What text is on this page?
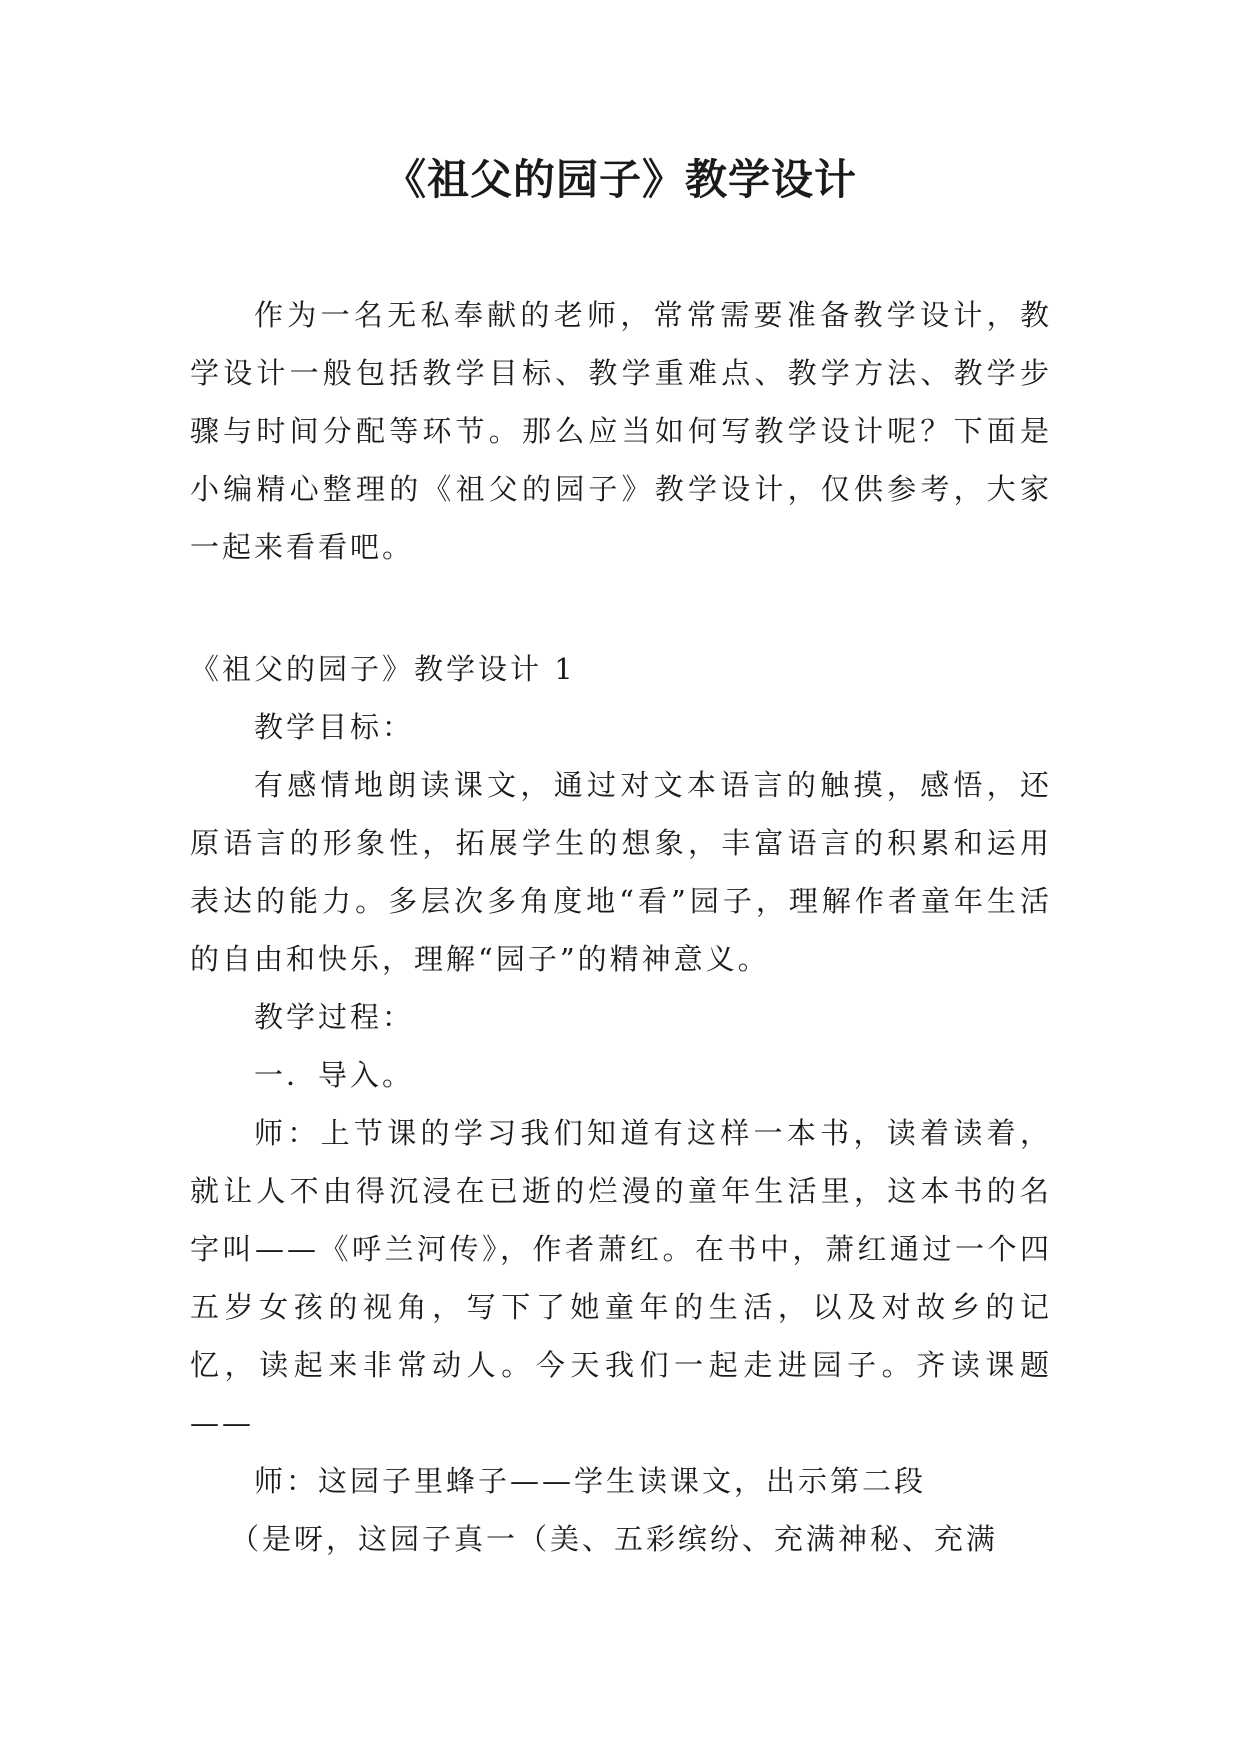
《祖父的园子》教学设计

作为一名无私奉献的老师，常常需要准备教学设计，教学设计一般包括教学目标、教学重难点、教学方法、教学步骤与时间分配等环节。那么应当如何写教学设计呢？下面是小编精心整理的《祖父的园子》教学设计，仅供参考，大家一起来看看吧。

《祖父的园子》教学设计 1

教学目标：

有感情地朗读课文，通过对文本语言的触摸，感悟，还原语言的形象性，拓展学生的想象，丰富语言的积累和运用表达的能力。多层次多角度地“看”园子，理解作者童年生活的自由和快乐，理解“园子”的精神意义。

教学过程：

一．导入。

师：上节课的学习我们知道有这样一本书，读着读着，就让人不由得沉浸在已逝的烂漫的童年生活里，这本书的名字叫——《呼兰河传》，作者萧红。在书中，萧红通过一个四五岁女孩的视角，写下了她童年的生活，以及对故乡的记忆，读起来非常动人。今天我们一起走进园子。齐读课题——

师：这园子里蜂子——学生读课文，出示第二段

（是呀，这园子真一（美、五彩缤纷、充满神秘、充满
